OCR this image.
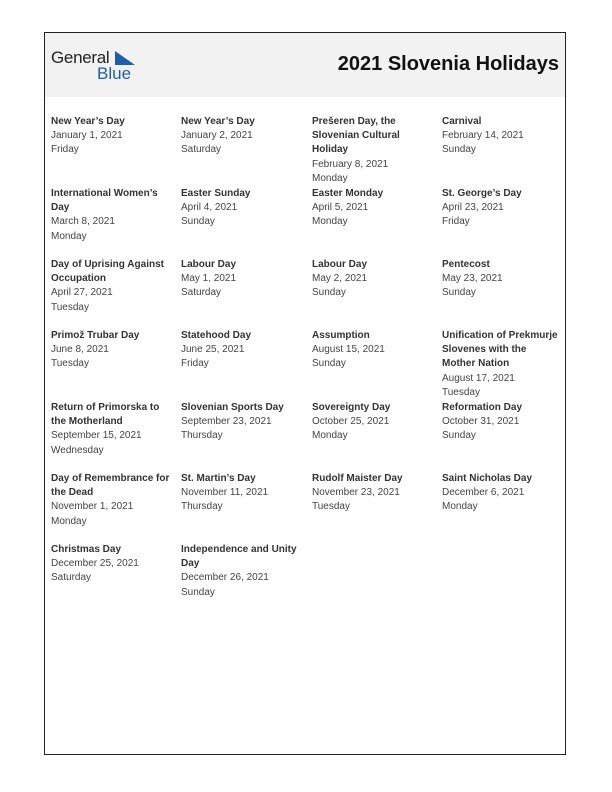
General
Blue	2021 Slovenia Holidays
New Year’s Day
January 1, 2021
Friday
New Year’s Day
January 2, 2021
Saturday
Prešeren Day, the Slovenian Cultural Holiday
February 8, 2021
Monday
Carnival
February 14, 2021
Sunday
International Women’s Day
March 8, 2021
Monday
Easter Sunday
April 4, 2021
Sunday
Easter Monday
April 5, 2021
Monday
St. George’s Day
April 23, 2021
Friday
Day of Uprising Against Occupation
April 27, 2021
Tuesday
Labour Day
May 1, 2021
Saturday
Labour Day
May 2, 2021
Sunday
Pentecost
May 23, 2021
Sunday
Primož Trubar Day
June 8, 2021
Tuesday
Statehood Day
June 25, 2021
Friday
Assumption
August 15, 2021
Sunday
Unification of Prekmurje Slovenes with the Mother Nation
August 17, 2021
Tuesday
Return of Primorska to the Motherland
September 15, 2021
Wednesday
Slovenian Sports Day
September 23, 2021
Thursday
Sovereignty Day
October 25, 2021
Monday
Reformation Day
October 31, 2021
Sunday
Day of Remembrance for the Dead
November 1, 2021
Monday
St. Martin’s Day
November 11, 2021
Thursday
Rudolf Maister Day
November 23, 2021
Tuesday
Saint Nicholas Day
December 6, 2021
Monday
Christmas Day
December 25, 2021
Saturday
Independence and Unity Day
December 26, 2021
Sunday
